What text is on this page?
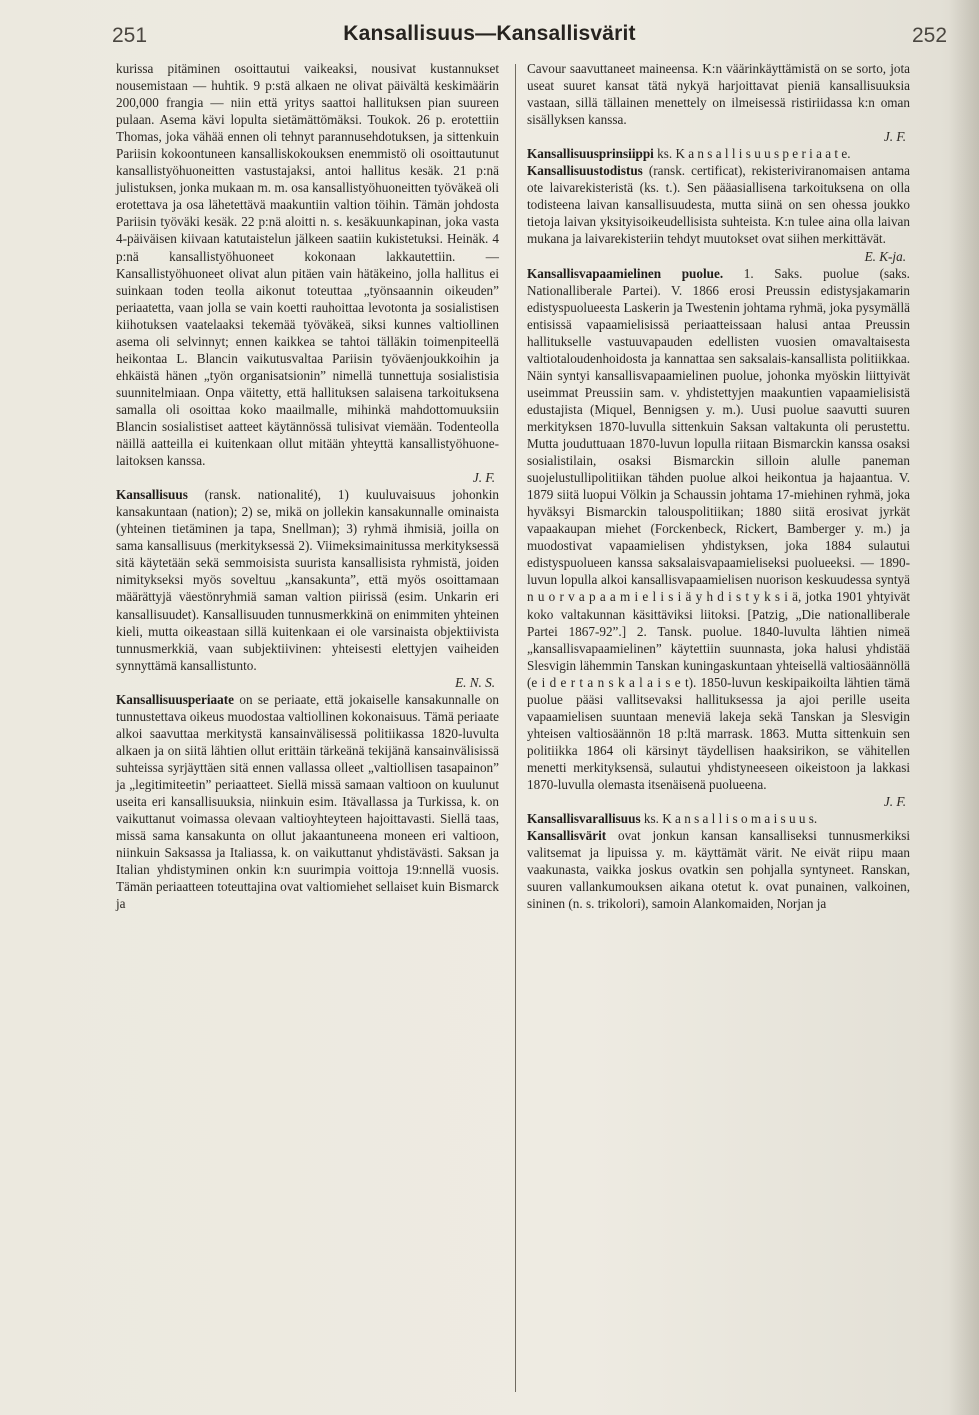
251	Kansallisuus—Kansallisvärit	252

kurissa pitäminen osoittautui vaikeaksi, nousivat kustannukset nousemistaan — huhtik. 9 p:stä alkaen ne olivat päivältä keskimäärin 200,000 frangia — niin että yritys saattoi hallituksen pian suureen pulaan. Asema kävi lopulta sietämättömäksi. Toukok. 26 p. erotettiin Thomas, joka vähää ennen oli tehnyt parannusehdotuksen, ja sittenkuin Pariisin kokoontuneen kansalliskokouksen enemmistö oli osoittautunut kansallistyöhuoneitten vastustajaksi, antoi hallitus kesäk. 21 p:nä julistuksen, jonka mukaan m. m. osa kansallistyöhuoneitten työväkeä oli erotettava ja osa lähetettävä maakuntiin valtion töihin. Tämän johdosta Pariisin työväki kesäk. 22 p:nä aloitti n. s. kesäkuunkapinan, joka vasta 4-päiväisen kiivaan katutaistelun jälkeen saatiin kukistetuksi. Heinäk. 4 p:nä kansallistyöhuoneet kokonaan lakkautettiin. — Kansallistyöhuoneet olivat alun pitäen vain hätäkeino, jolla hallitus ei suinkaan toden teolla aikonut toteuttaa „työnsaannin oikeuden” periaatetta, vaan jolla se vain koetti rauhoittaa levotonta ja sosialistisen kiihotuksen vaatelaaksi tekemää työväkeä, siksi kunnes valtiollinen asema oli selvinnyt; ennen kaikkea se tahtoi tälläkin toimenpiteellä heikontaa L. Blancin vaikutusvaltaa Pariisin työväenjoukkoihin ja ehkäistä hänen „työn organisatsionin” nimellä tunnettuja sosialistisia suunnitelmiaan. Onpa väitetty, että hallituksen salaisena tarkoituksena samalla oli osoittaa koko maailmalle, mihinkä mahdottomuuksiin Blancin sosialistiset aatteet käytännössä tulisivat viemään. Todenteolla näillä aatteilla ei kuitenkaan ollut mitään yhteyttä kansallistyöhuone-laitoksen kanssa.

J. F.

Kansallisuus (ransk. nationalité), 1) kuuluvaisuus johonkin kansakuntaan (nation); 2) se, mikä on jollekin kansakunnalle ominaista (yhteinen tietäminen ja tapa, Snellman); 3) ryhmä ihmisiä, joilla on sama kansallisuus (merkityksessä 2). Viimeksimainitussa merkityksessä sitä käytetään sekä semmoisista suurista kansallisista ryhmistä, joiden nimitykseksi myös soveltuu „kansakunta”, että myös osoittamaan määrättyjä väestönryhmiä saman valtion piirissä (esim. Unkarin eri kansallisuudet). Kansallisuuden tunnusmerkkinä on enimmiten yhteinen kieli, mutta oikeastaan sillä kuitenkaan ei ole varsinaista objektiivista tunnusmerkkiä, vaan subjektiivinen: yhteisesti elettyjen vaiheiden synnyttämä kansallistunto.

E. N. S.

Kansallisuusperiaate on se periaate, että jokaiselle kansakunnalle on tunnustettava oikeus muodostaa valtiollinen kokonaisuus. Tämä periaate alkoi saavuttaa merkitystä kansainvälisessä politiikassa 1820-luvulta alkaen ja on siitä lähtien ollut erittäin tärkeänä tekijänä kansainvälisissä suhteissa syrjäyttäen sitä ennen vallassa olleet „valtiollisen tasapainon” ja „legitimiteetin” periaatteet. Siellä missä samaan valtioon on kuulunut useita eri kansallisuuksia, niinkuin esim. Itävallassa ja Turkissa, k. on vaikuttanut voimassa olevaan valtioyhteyteen hajoittavasti. Siellä taas, missä sama kansakunta on ollut jakaantuneena moneen eri valtioon, niinkuin Saksassa ja Italiassa, k. on vaikuttanut yhdistävästi. Saksan ja Italian yhdistyminen onkin k:n suurimpia voittoja 19:nnellä vuosis. Tämän periaatteen toteuttajina ovat valtiomiehet sellaiset kuin Bismarck ja

Cavour saavuttaneet maineensa. K:n väärinkäyttämistä on se sorto, jota useat suuret kansat tätä nykyä harjoittavat pieniä kansallisuuksia vastaan, sillä tällainen menettely on ilmeisessä ristiriidassa k:n oman sisällyksen kanssa.

J. F.

Kansallisuusprinsiippi ks. K a n s a l l i s u u s p e r i a a t e.

Kansallisuustodistus (ransk. certificat), rekisteriviranomaisen antama ote laivarekisteristä (ks. t.). Sen pääasiallisena tarkoituksena on olla todisteena laivan kansallisuudesta, mutta siinä on sen ohessa joukko tietoja laivan yksityisoikeudellisista suhteista. K:n tulee aina olla laivan mukana ja laivarekisteriin tehdyt muutokset ovat siihen merkittävät.

E. K-ja.

Kansallisvapaamielinen puolue. 1. Saks. puolue (saks. Nationalliberale Partei). V. 1866 erosi Preussin edistysjakamarin edistyspuolueesta Laskerin ja Twestenin johtama ryhmä, joka pysymällä entisissä vapaamielisissä periaatteissaan halusi antaa Preussin hallitukselle vastuuvapauden edellisten vuosien omavaltaisesta valtiotaloudenhoidosta ja kannattaa sen saksalais-kansallista politiikkaa. Näin syntyi kansallisvapaamielinen puolue, johonka myöskin liittyivät useimmat Preussiin sam. v. yhdistettyjen maakuntien vapaamielisistä edustajista (Miquel, Bennigsen y. m.). Uusi puolue saavutti suuren merkityksen 1870-luvulla sittenkuin Saksan valtakunta oli perustettu. Mutta jouduttuaan 1870-luvun lopulla riitaan Bismarckin kanssa osaksi sosialistilain, osaksi Bismarckin silloin alulle paneman suojelustullipolitiikan tähden puolue alkoi heikontua ja hajaantua. V. 1879 siitä luopui Völkin ja Schaussin johtama 17-miehinen ryhmä, joka hyväksyi Bismarckin talouspolitiikan; 1880 siitä erosivat jyrkät vapaakaupan miehet (Forckenbeck, Rickert, Bamberger y. m.) ja muodostivat vapaamielisen yhdistyksen, joka 1884 sulautui edistyspuolueen kanssa saksalaisvapaamieliseksi puolueeksi. — 1890-luvun lopulla alkoi kansallisvapaamielisen nuorison keskuudessa syntyä n u o r v a p a a m i e l i s i ä y h d i s t y k s i ä, jotka 1901 yhtyivät koko valtakunnan käsittäviksi liitoksi. [Patzig, „Die nationalliberale Partei 1867-92”.] 2. Tansk. puolue. 1840-luvulta lähtien nimeä „kansallisvapaamielinen” käytettiin suunnasta, joka halusi yhdistää Slesvigin lähemmin Tanskan kuningaskuntaan yhteisellä valtiosäännöllä (e i d e r t a n s k a l a i s e t). 1850-luvun keskipaikoilta lähtien tämä puolue pääsi vallitsevaksi hallituksessa ja ajoi perille useita vapaamielisen suuntaan meneviä lakeja sekä Tanskan ja Slesvigin yhteisen valtiosäännön 18 p:ltä marrask. 1863. Mutta sittenkuin sen politiikka 1864 oli kärsinyt täydellisen haaksirikon, se vähitellen menetti merkityksensä, sulautui yhdistyneeseen oikeistoon ja lakkasi 1870-luvulla olemasta itsenäisenä puolueena.

J. F.

Kansallisvarallisuus ks. K a n s a l l i s o m a i s u u s.

Kansallisvärit ovat jonkun kansan kansalliseksi tunnusmerkiksi valitsemat ja lipuissa y. m. käyttämät värit. Ne eivät riipu maan vaakunasta, vaikka joskus ovatkin sen pohjalla syntyneet. Ranskan, suuren vallankumouksen aikana otetut k. ovat punainen, valkoinen, sininen (n. s. trikolori), samoin Alankomaiden, Norjan ja
